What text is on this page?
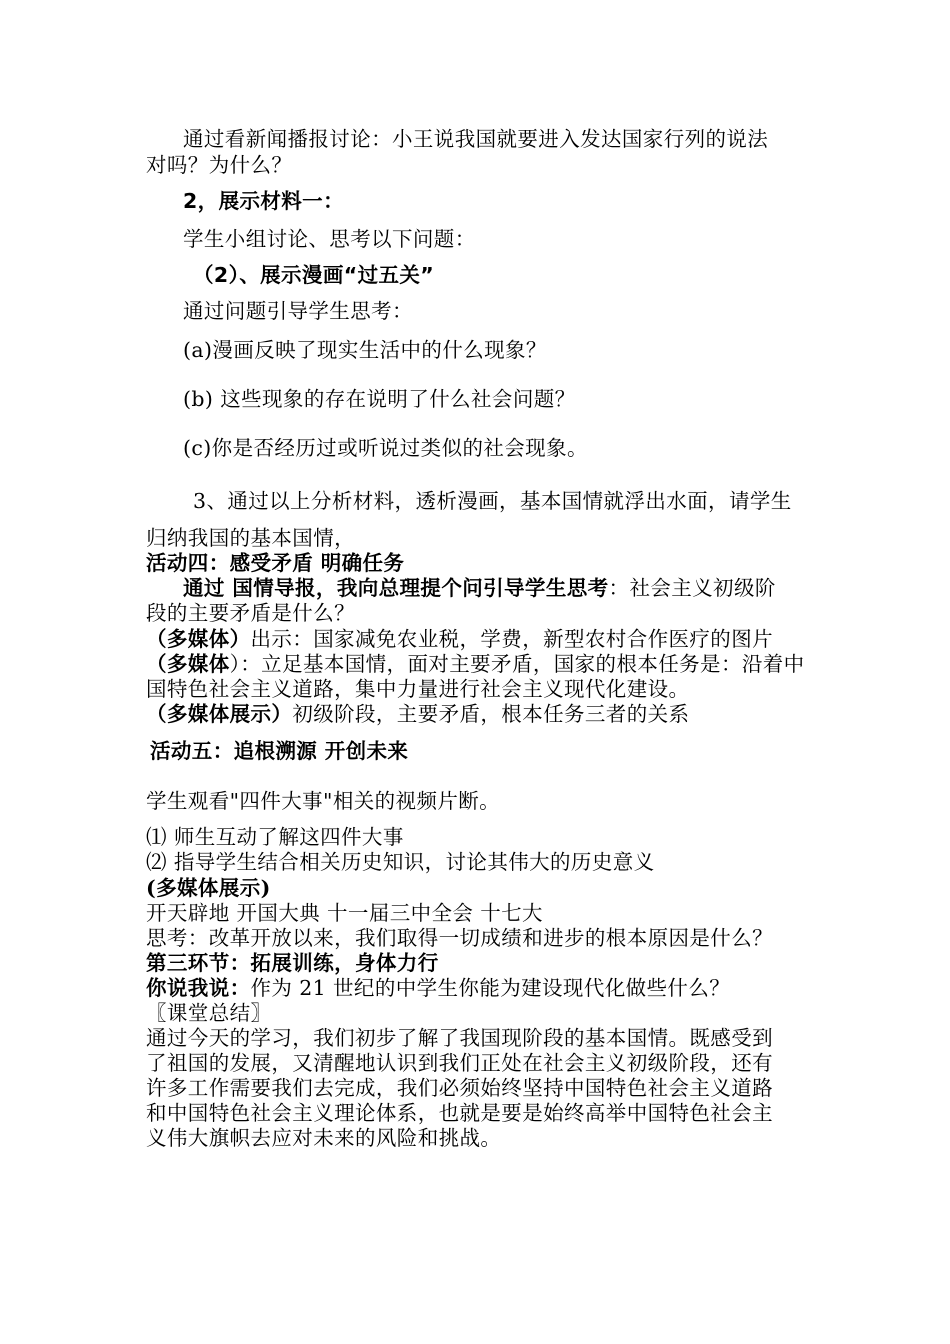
通过看新闻播报讨论：小王说我国就要进入发达国家行列的说法
对吗？为什么？
2，展示材料一：
学生小组讨论、思考以下问题：
（2）、展示漫画“过五关”
通过问题引导学生思考：
(a)漫画反映了现实生活中的什么现象？
(b) 这些现象的存在说明了什么社会问题？
(c)你是否经历过或听说过类似的社会现象。
3、通过以上分析材料，透析漫画，基本国情就浮出水面，请学生
归纳我国的基本国情，
活动四：感受矛盾 明确任务
通过 国情导报，我向总理提个问引导学生思考：社会主义初级阶
段的主要矛盾是什么？
（多媒体）出示：国家减免农业税，学费，新型农村合作医疗的图片
（多媒体）：立足基本国情，面对主要矛盾，国家的根本任务是：沿着中
国特色社会主义道路，集中力量进行社会主义现代化建设。
（多媒体展示）初级阶段，主要矛盾，根本任务三者的关系
活动五：追根溯源 开创未来
学生观看"四件大事"相关的视频片断。
⑴ 师生互动了解这四件大事
⑵ 指导学生结合相关历史知识，讨论其伟大的历史意义
(多媒体展示)
开天辟地 开国大典 十一届三中全会 十七大
思考：改革开放以来，我们取得一切成绩和进步的根本原因是什么？
第三环节：拓展训练，身体力行
你说我说：作为 21 世纪的中学生你能为建设现代化做些什么？
〖课堂总结〗
通过今天的学习，我们初步了解了我国现阶段的基本国情。既感受到
了祖国的发展，又清醒地认识到我们正处在社会主义初级阶段，还有
许多工作需要我们去完成，我们必须始终坚持中国特色社会主义道路
和中国特色社会主义理论体系，也就是要是始终高举中国特色社会主
义伟大旗帜去应对未来的风险和挑战。
